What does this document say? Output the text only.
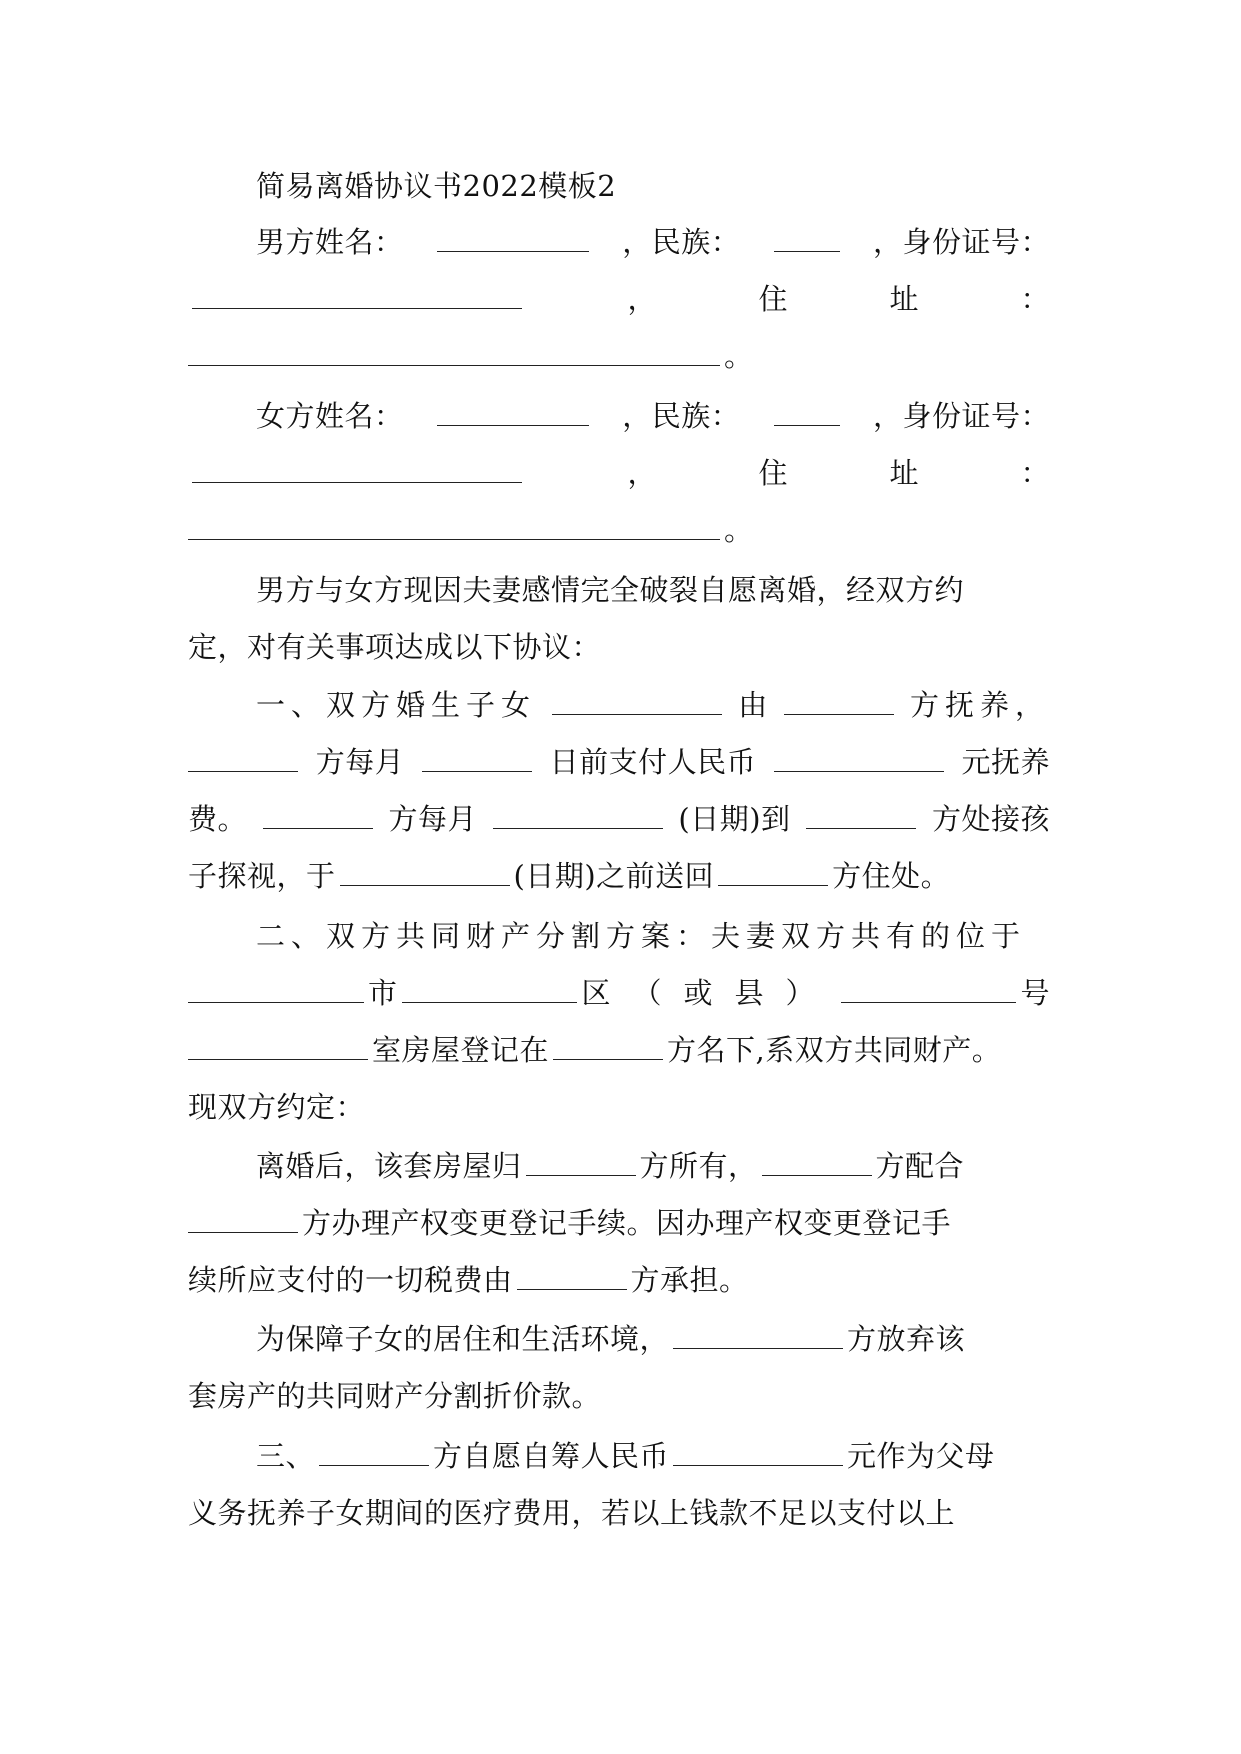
简易离婚协议书2022模板2
男方姓名：	，民族：	，身份证号：
，	住	址	：
。
女方姓名：	，民族：	，身份证号：
，	住	址	：
。
男方与女方现因夫妻感情完全破裂自愿离婚，经双方约
定，对有关事项达成以下协议：
一、双方婚生子女	由	方抚养，
方每月	日前支付人民币	元抚养
费。	方每月	(日期)到	方处接孩
子探视，于	(日期)之前送回	方住处。
二、双方共同财产分割方案：夫妻双方共有的位于
市	区（或县）	号
室房屋登记在	方名下,系双方共同财产。
现双方约定：
离婚后，该套房屋归	方所有，	方配合
方办理产权变更登记手续。因办理产权变更登记手
续所应支付的一切税费由	方承担。
为保障子女的居住和生活环境，	方放弃该
套房产的共同财产分割折价款。
三、	方自愿自筹人民币	元作为父母
义务抚养子女期间的医疗费用，若以上钱款不足以支付以上
